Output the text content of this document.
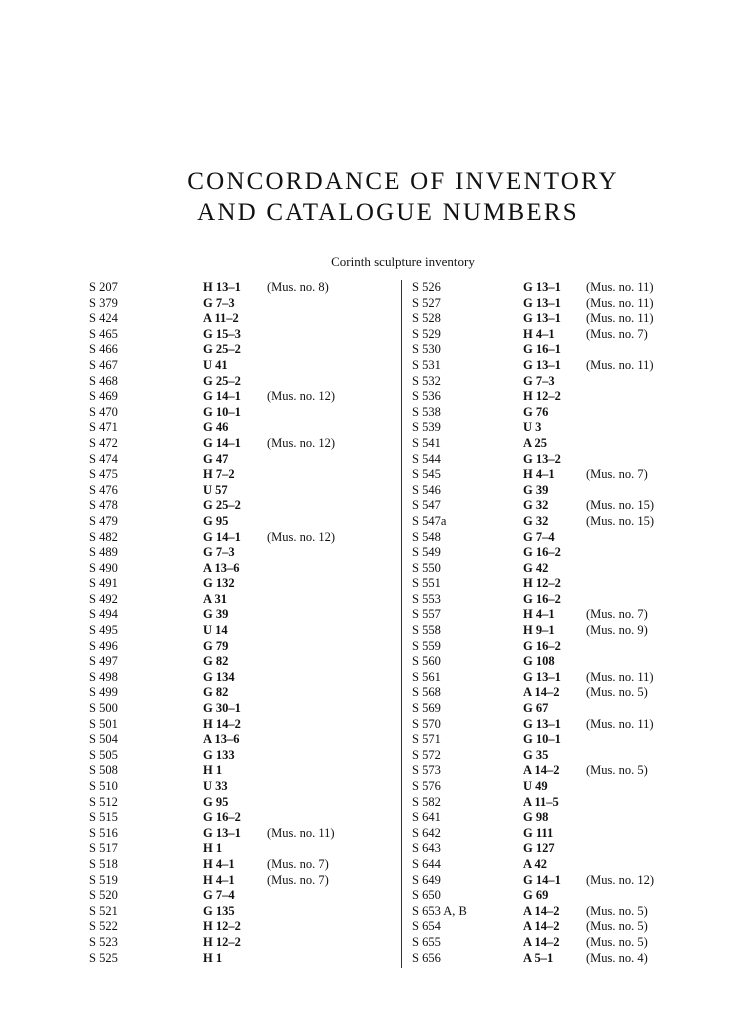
CONCORDANCE OF INVENTORY
AND CATALOGUE NUMBERS
Corinth sculpture inventory
S 207	H 13–1 (Mus. no. 8)
S 379	G 7–3
S 424	A 11–2
S 465	G 15–3
S 466	G 25–2
S 467	U 41
S 468	G 25–2
S 469	G 14–1 (Mus. no. 12)
S 470	G 10–1
S 471	G 46
S 472	G 14–1 (Mus. no. 12)
S 474	G 47
S 475	H 7–2
S 476	U 57
S 478	G 25–2
S 479	G 95
S 482	G 14–1 (Mus. no. 12)
S 489	G 7–3
S 490	A 13–6
S 491	G 132
S 492	A 31
S 494	G 39
S 495	U 14
S 496	G 79
S 497	G 82
S 498	G 134
S 499	G 82
S 500	G 30–1
S 501	H 14–2
S 504	A 13–6
S 505	G 133
S 508	H 1
S 510	U 33
S 512	G 95
S 515	G 16–2
S 516	G 13–1 (Mus. no. 11)
S 517	H 1
S 518	H 4–1	(Mus. no. 7)
S 519	H 4–1	(Mus. no. 7)
S 520	G 7–4
S 521	G 135
S 522	H 12–2
S 523	H 12–2
S 525	H 1
S 526	G 13–1 (Mus. no. 11)
S 527	G 13–1 (Mus. no. 11)
S 528	G 13–1 (Mus. no. 11)
S 529	H 4–1	(Mus. no. 7)
S 530	G 16–1
S 531	G 13–1 (Mus. no. 11)
S 532	G 7–3
S 536	H 12–2
S 538	G 76
S 539	U 3
S 541	A 25
S 544	G 13–2
S 545	H 4–1	(Mus. no. 7)
S 546	G 39
S 547	G 32	(Mus. no. 15)
S 547a	G 32	(Mus. no. 15)
S 548	G 7–4
S 549	G 16–2
S 550	G 42
S 551	H 12–2
S 553	G 16–2
S 557	H 4–1	(Mus. no. 7)
S 558	H 9–1	(Mus. no. 9)
S 559	G 16–2
S 560	G 108
S 561	G 13–1 (Mus. no. 11)
S 568	A 14–2 (Mus. no. 5)
S 569	G 67
S 570	G 13–1 (Mus. no. 11)
S 571	G 10–1
S 572	G 35
S 573	A 14–2 (Mus. no. 5)
S 576	U 49
S 582	A 11–5
S 641	G 98
S 642	G 111
S 643	G 127
S 644	A 42
S 649	G 14–1 (Mus. no. 12)
S 650	G 69
S 653 A, B	A 14–2 (Mus. no. 5)
S 654	A 14–2 (Mus. no. 5)
S 655	A 14–2 (Mus. no. 5)
S 656	A 5–1	(Mus. no. 4)
